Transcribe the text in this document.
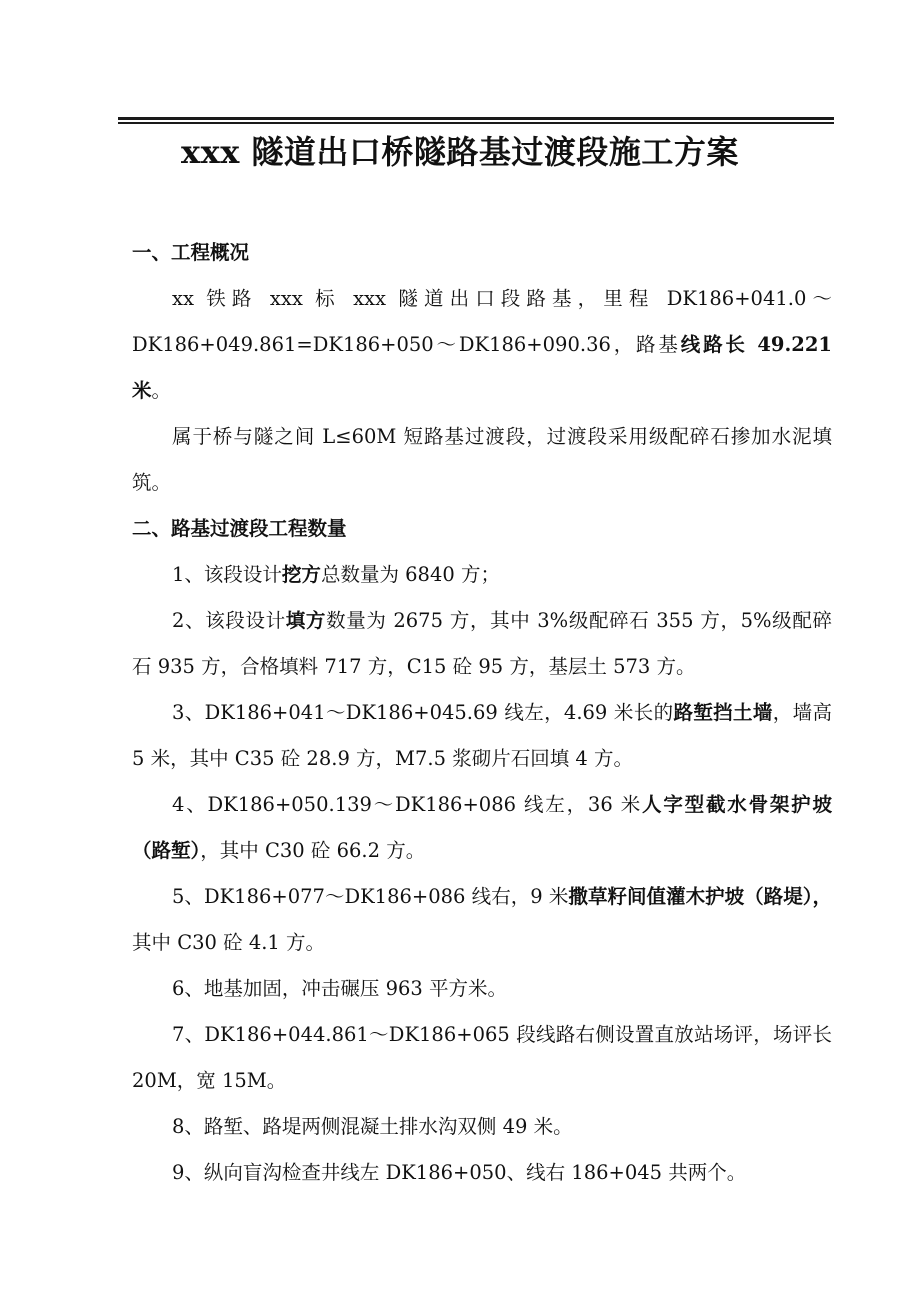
xxx 隧道出口桥隧路基过渡段施工方案

一、工程概况

xx 铁路 xxx 标 xxx 隧道出口段路基，里程 DK186+041.0～DK186+049.861=DK186+050～DK186+090.36，路基线路长 49.221 米。

属于桥与隧之间 L≤60M 短路基过渡段，过渡段采用级配碎石掺加水泥填筑。

二、路基过渡段工程数量

1、该段设计挖方总数量为 6840 方；

2、该段设计填方数量为 2675 方，其中 3%级配碎石 355 方，5%级配碎石 935 方，合格填料 717 方，C15 砼 95 方，基层土 573 方。

3、DK186+041～DK186+045.69 线左，4.69 米长的路堑挡土墙，墙高 5 米，其中 C35 砼 28.9 方，M7.5 浆砌片石回填 4 方。

4、DK186+050.139～DK186+086 线左，36 米人字型截水骨架护坡（路堑），其中 C30 砼 66.2 方。

5、DK186+077～DK186+086 线右，9 米撒草籽间值灌木护坡（路堤），其中 C30 砼 4.1 方。

6、地基加固，冲击碾压 963 平方米。

7、DK186+044.861～DK186+065 段线路右侧设置直放站场评，场评长 20M，宽 15M。

8、路堑、路堤两侧混凝土排水沟双侧 49 米。

9、纵向盲沟检查井线左 DK186+050、线右 186+045 共两个。
